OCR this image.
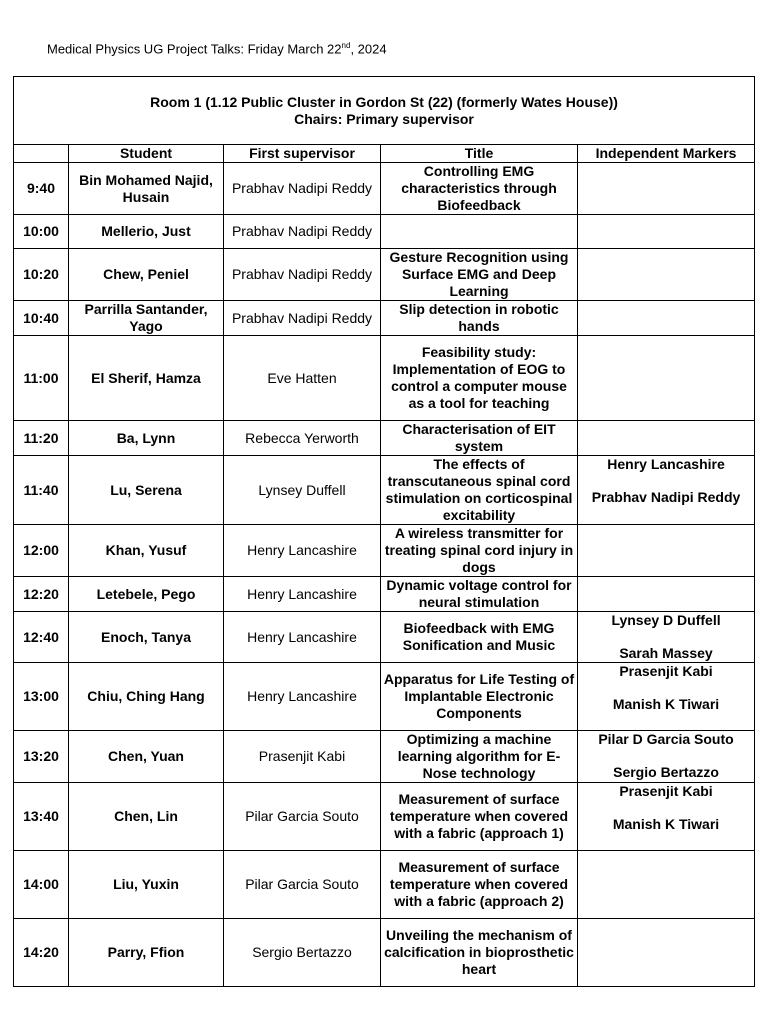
Medical Physics UG Project Talks: Friday March 22nd, 2024
Room 1 (1.12 Public Cluster in Gordon St (22) (formerly Wates House))
Chairs: Primary supervisor				

	Student	First supervisor	Title	Independent Markers
9:40	Bin Mohamed Najid, Husain	Prabhav Nadipi Reddy	Controlling EMG characteristics through Biofeedback	

10:00	Mellerio, Just	Prabhav Nadipi Reddy		

10:20	Chew, Peniel	Prabhav Nadipi Reddy	Gesture Recognition using Surface EMG and Deep Learning	

10:40	Parrilla Santander, Yago	Prabhav Nadipi Reddy	Slip detection in robotic hands	

11:00	El Sherif, Hamza	Eve Hatten	Feasibility study: Implementation of EOG to control a computer mouse as a tool for teaching	

11:20	Ba, Lynn	Rebecca Yerworth	Characterisation of EIT system	

11:40	Lu, Serena	Lynsey Duffell	The effects of transcutaneous spinal cord stimulation on corticospinal excitability	Henry Lancashire
Prabhav Nadipi Reddy

12:00	Khan, Yusuf	Henry Lancashire	A wireless transmitter for treating spinal cord injury in dogs	

12:20	Letebele, Pego	Henry Lancashire	Dynamic voltage control for neural stimulation	

12:40	Enoch, Tanya	Henry Lancashire	Biofeedback with EMG Sonification and Music	Lynsey D Duffell
Sarah Massey

13:00	Chiu, Ching Hang	Henry Lancashire	Apparatus for Life Testing of Implantable Electronic Components	Prasenjit Kabi
Manish K Tiwari

13:20	Chen, Yuan	Prasenjit Kabi	Optimizing a machine learning algorithm for E-Nose technology	Pilar D Garcia Souto
Sergio Bertazzo

13:40	Chen, Lin	Pilar Garcia Souto	Measurement of surface temperature when covered with a fabric (approach 1)	Prasenjit Kabi
Manish K Tiwari

14:00	Liu, Yuxin	Pilar Garcia Souto	Measurement of surface temperature when covered with a fabric (approach 2)	

14:20	Parry, Ffion	Sergio Bertazzo	Unveiling the mechanism of calcification in bioprosthetic heart	
